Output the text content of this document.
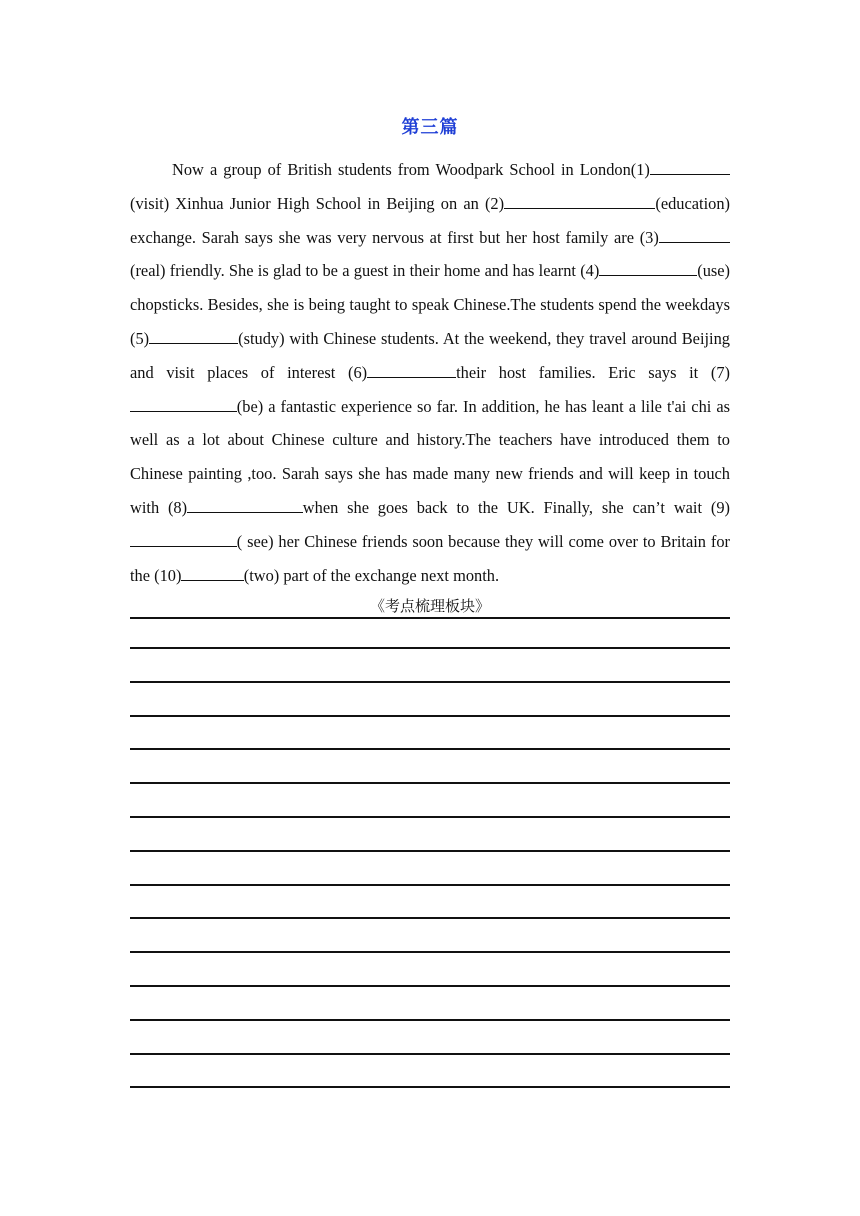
第三篇

Now a group of British students from Woodpark School in London(1)(visit) Xinhua Junior High School in Beijing on an (2)	(education) exchange. Sarah says she was very nervous at first but her host family are (3)(real) friendly. She is glad to be a guest in their home and has learnt (4)	(use) chopsticks. Besides, she is being taught to speak Chinese.The students spend the weekdays (5)	(study) with Chinese students. At the weekend, they travel around Beijing and visit places of interest (6)	their host families. Eric says it (7)(be) a fantastic experience so far. In addition, he has leant a lile t'ai chi as well as a lot about Chinese culture and history.The teachers have introduced them to Chinese painting ,too. Sarah says she has made many new friends and will keep in touch with (8)	when she goes back to the UK. Finally, she can’t wait (9)( see) her Chinese friends soon because they will come over to Britain for the (10)	(two) part of the exchange next month.

《考点梳理板块》
